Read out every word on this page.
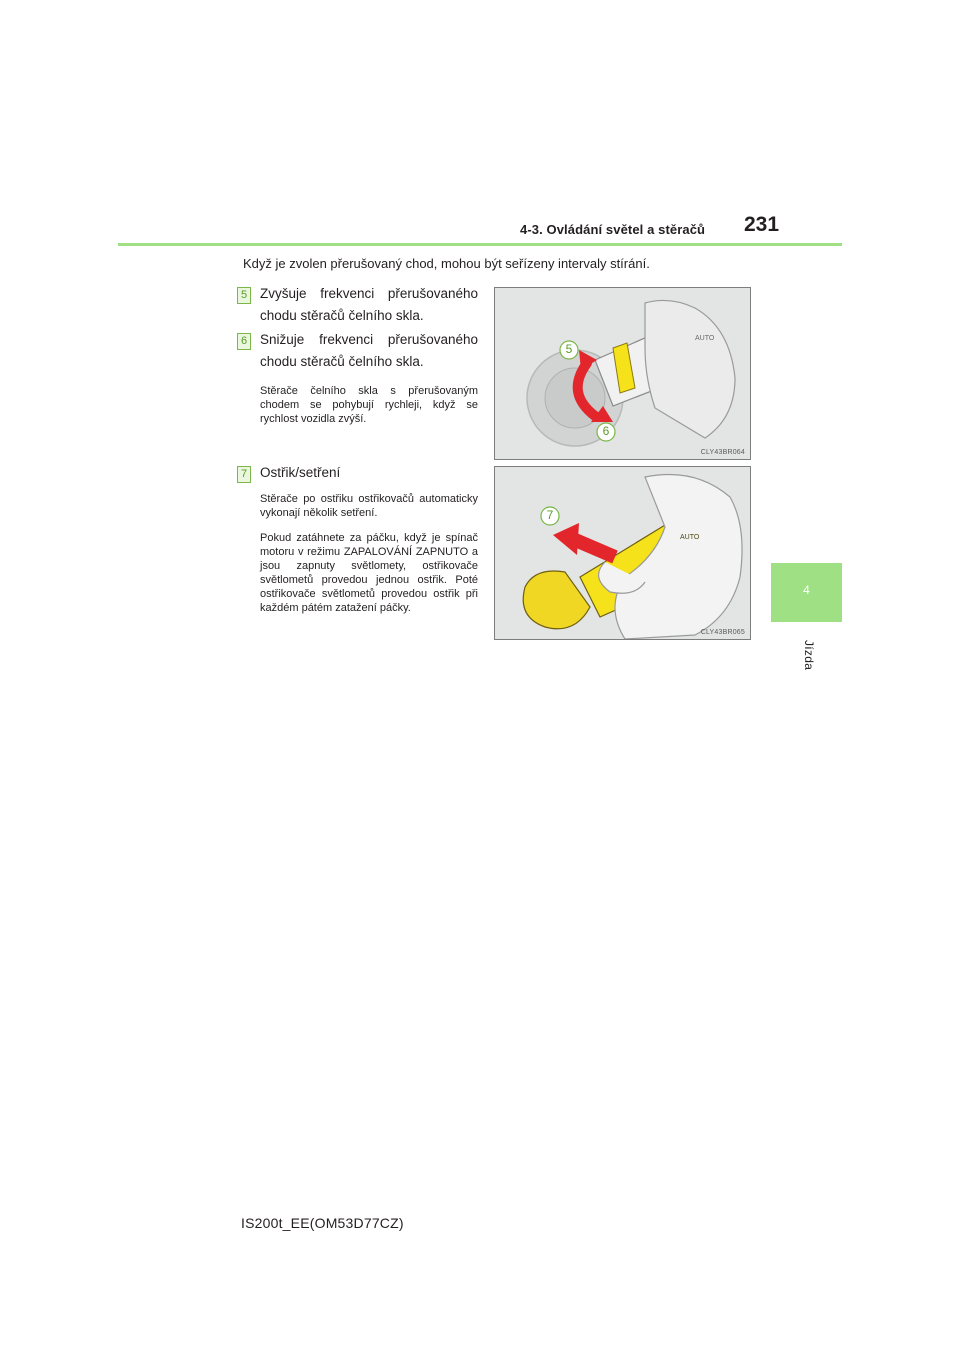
4-3. Ovládání světel a stěračů 231
Když je zvolen přerušovaný chod, mohou být seřízeny intervaly stírání.
5 Zvyšuje frekvenci přerušovaného chodu stěračů čelního skla.
6 Snižuje frekvenci přerušovaného chodu stěračů čelního skla.
Stěrače čelního skla s přerušovaným chodem se pohybují rychleji, když se rychlost vozidla zvýší.
AUTO
5
6
CLY43BR064
7 Ostřik/setření
Stěrače po ostřiku ostřikovačů automaticky vykonají několik setření.
Pokud zatáhnete za páčku, když je spínač motoru v režimu ZAPALOVÁNÍ ZAPNUTO a jsou zapnuty světlomety, ostřikovače světlometů provedou jednou ostřik. Poté ostřikovače světlometů provedou ostřik při každém pátém zatažení páčky.
AUTO
7
CLY43BR065
4
Jízda
IS200t_EE(OM53D77CZ)
